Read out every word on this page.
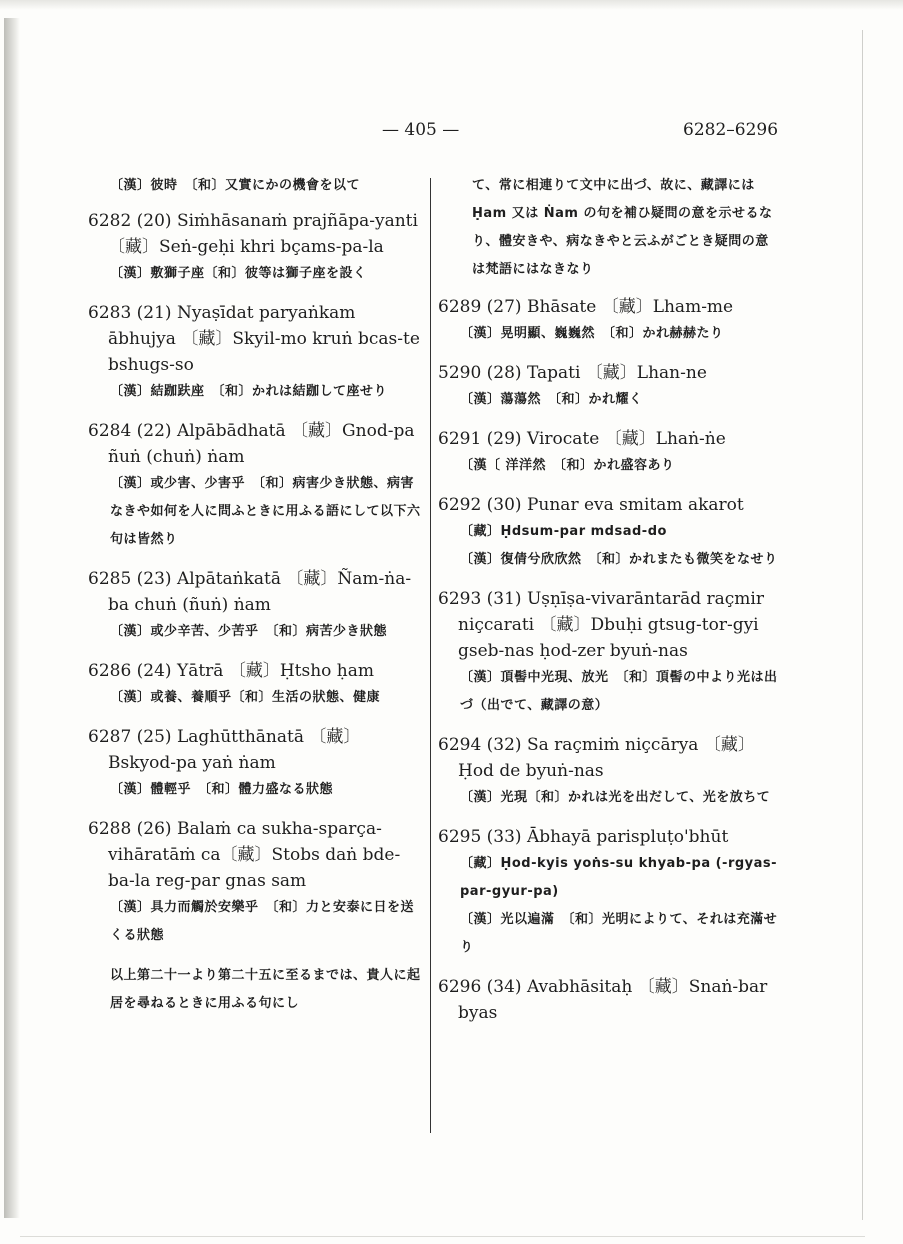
— 405 —	6282–6296
〔漢〕彼時　〔和〕又實にかの機會を以て
6282 (20) Siṁhāsanaṁ prajñāpa-yanti 〔藏〕Seṅ-geḥi khri bçams-pa-la
〔漢〕敷獅子座〔和〕彼等は獅子座を設く
6283 (21) Nyaṣīdat paryaṅkam ābhujya 〔藏〕Skyil-mo kruṅ bcas-te bshugs-so
〔漢〕結跏趺座　〔和〕かれは結跏して座せり
6284 (22) Alpābādhatā 〔藏〕Gnod-pa ñuṅ (chuṅ) ṅam
〔漢〕或少害、少害乎　〔和〕病害少き狀態、病害なきや如何を人に問ふときに用ふる語にして以下六句は皆然り
6285 (23) Alpātaṅkatā 〔藏〕Ñam-ṅa-ba chuṅ (ñuṅ) ṅam
〔漢〕或少辛苦、少苦乎　〔和〕病苦少き狀態
6286 (24) Yātrā 〔藏〕Ḥtsho ḥam
〔漢〕或養、養順乎〔和〕生活の狀態、健康
6287 (25) Laghūtthānatā 〔藏〕Bskyod-pa yaṅ ṅam
〔漢〕體輕乎　〔和〕體力盛なる狀態
6288 (26) Balaṁ ca sukha-sparça-vihāratāṁ ca〔藏〕Stobs daṅ bde-ba-la reg-par gnas sam
〔漢〕具力而觸於安樂乎　〔和〕力と安泰に日を送くる狀態
以上第二十一より第二十五に至るまでは、貴人に起居を尋ねるときに用ふる句にし
て、常に相連りて文中に出づ、故に、藏譯には Ḥam 又は Ṅam の句を補ひ疑問の意を示せるなり、體安きや、病なきやと云ふがごとき疑問の意は梵語にはなきなり
6289 (27) Bhāsate 〔藏〕Lham-me
〔漢〕晃明顯、巍巍然　〔和〕かれ赫赫たり
5290 (28) Tapati 〔藏〕Lhan-ne
〔漢〕蕩蕩然　〔和〕かれ耀く
6291 (29) Virocate 〔藏〕Lhaṅ-ṅe
〔漢〔 洋洋然　〔和〕かれ盛容あり
6292 (30) Punar eva smitam akarot
〔藏〕Ḥdsum-par mdsad-do
〔漢〕復倩兮欣欣然　〔和〕かれまたも微笑をなせり
6293 (31) Uṣṇīṣa-vivarāntarād raçmir niçcarati 〔藏〕Dbuḥi gtsug-tor-gyi gseb-nas ḥod-zer byuṅ-nas
〔漢〕頂髻中光現、放光　〔和〕頂髻の中より光は出づ（出でて、藏譯の意）
6294 (32) Sa raçmiṁ niçcārya 〔藏〕Ḥod de byuṅ-nas
〔漢〕光現〔和〕かれは光を出だして、光を放ちて
6295 (33) Ābhayā parispluṭo'bhūt
〔藏〕Ḥod-kyis yoṅs-su khyab-pa (-rgyas-par-gyur-pa)
〔漢〕光以遍滿　〔和〕光明によりて、それは充滿せり
6296 (34) Avabhāsitaḥ 〔藏〕Snaṅ-bar byas
